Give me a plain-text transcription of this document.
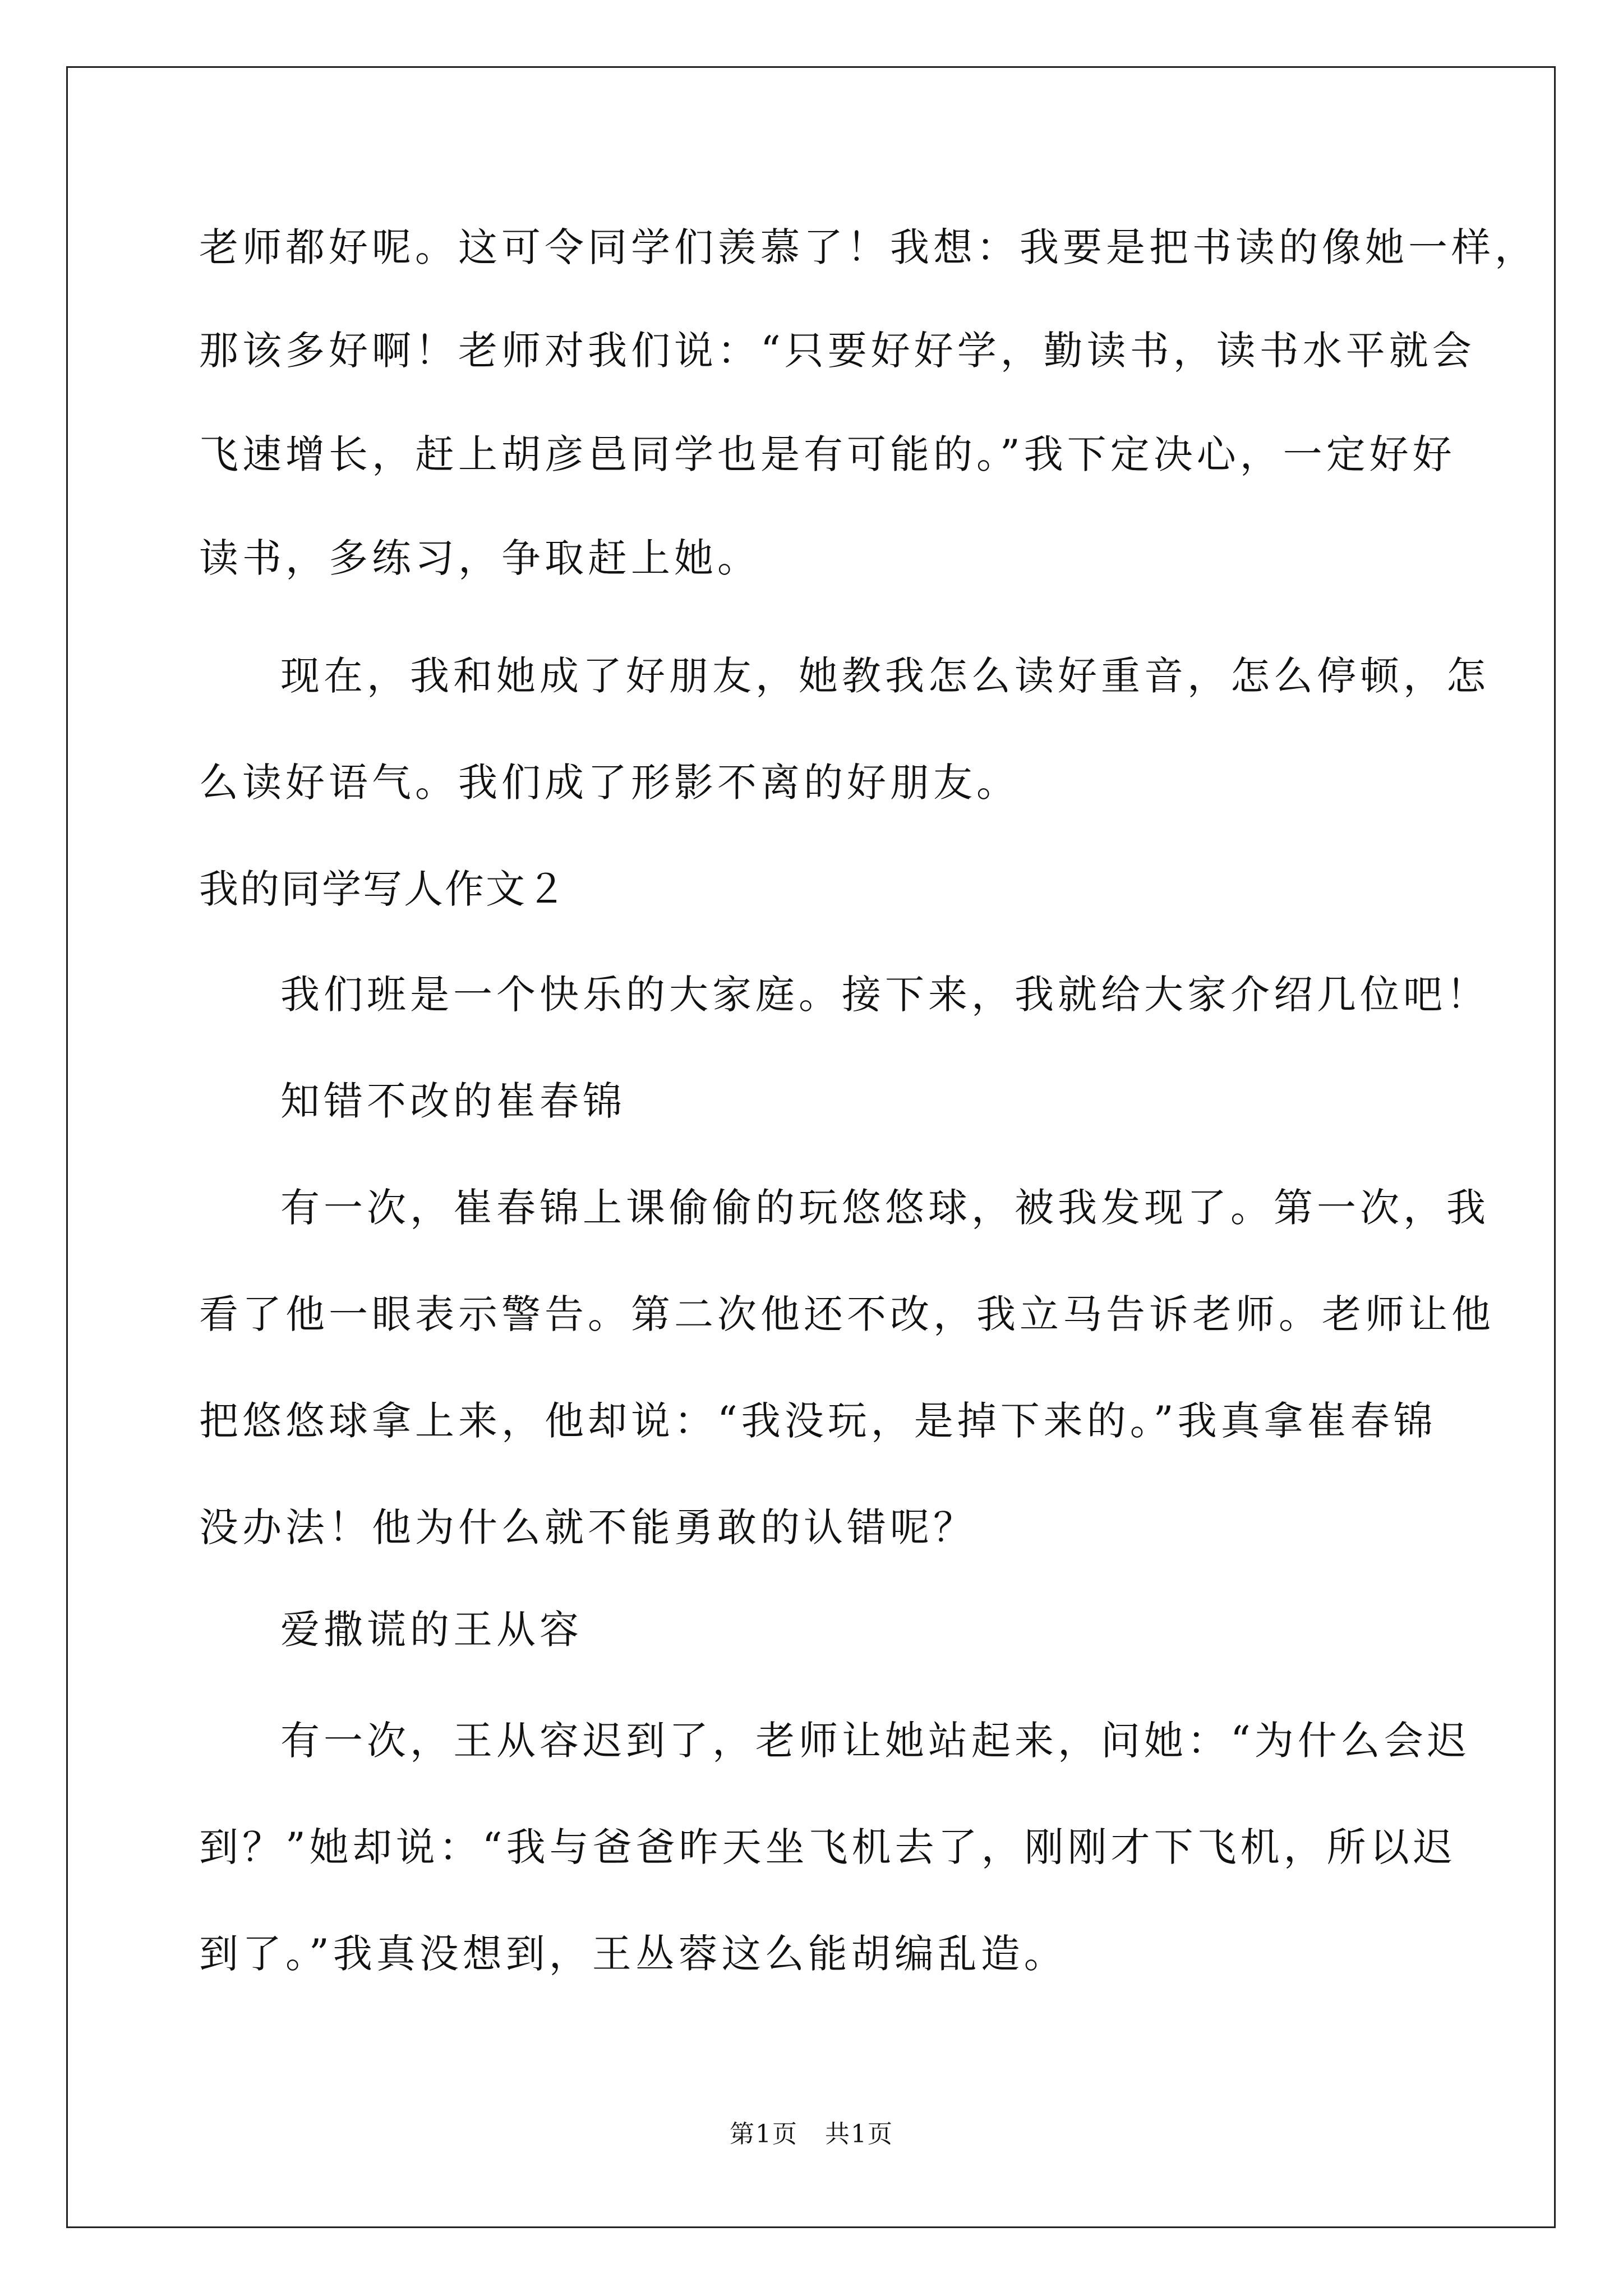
老师都好呢。这可令同学们羡慕了！我想：我要是把书读的像她一样，
那该多好啊！老师对我们说：“只要好好学，勤读书，读书水平就会
飞速增长，赶上胡彦邑同学也是有可能的。”我下定决心，一定好好
读书，多练习，争取赶上她。
现在，我和她成了好朋友，她教我怎么读好重音，怎么停顿，怎
么读好语气。我们成了形影不离的好朋友。
我的同学写人作文２
我们班是一个快乐的大家庭。接下来，我就给大家介绍几位吧！
知错不改的崔春锦
有一次，崔春锦上课偷偷的玩悠悠球，被我发现了。第一次，我
看了他一眼表示警告。第二次他还不改，我立马告诉老师。老师让他
把悠悠球拿上来，他却说：“我没玩，是掉下来的。”我真拿崔春锦
没办法！他为什么就不能勇敢的认错呢？
爱撒谎的王从容
有一次，王从容迟到了，老师让她站起来，问她：“为什么会迟
到？”她却说：“我与爸爸昨天坐飞机去了，刚刚才下飞机，所以迟
到了。”我真没想到，王丛蓉这么能胡编乱造。
第1页 共1页
